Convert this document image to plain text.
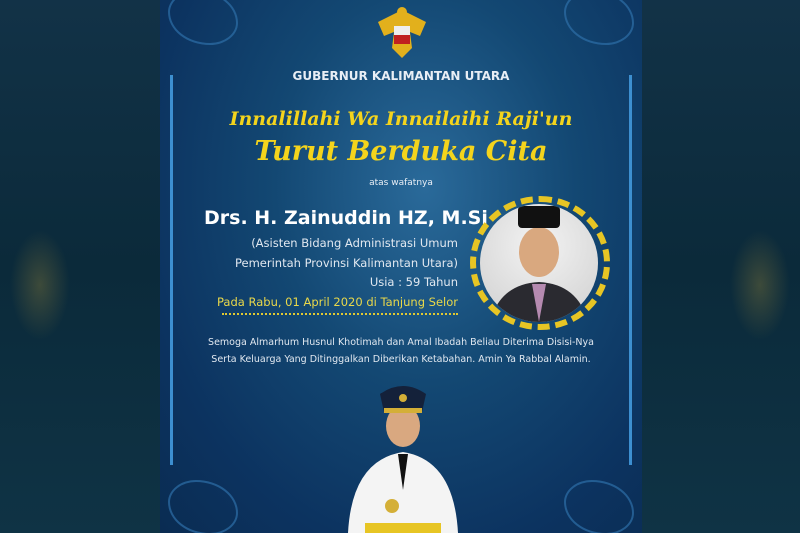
GUBERNUR KALIMANTAN UTARA
Innalillahi Wa Innailaihi Raji'un
Turut Berduka Cita
atas wafatnya
Drs. H. Zainuddin HZ, M.Si
(Asisten Bidang Administrasi Umum
Pemerintah Provinsi Kalimantan Utara)
Usia : 59 Tahun
Pada Rabu, 01 April 2020 di Tanjung Selor
Semoga Almarhum Husnul Khotimah dan Amal Ibadah Beliau Diterima Disisi-Nya
Serta Keluarga Yang Ditinggalkan Diberikan Ketabahan. Amin Ya Rabbal Alamin.
